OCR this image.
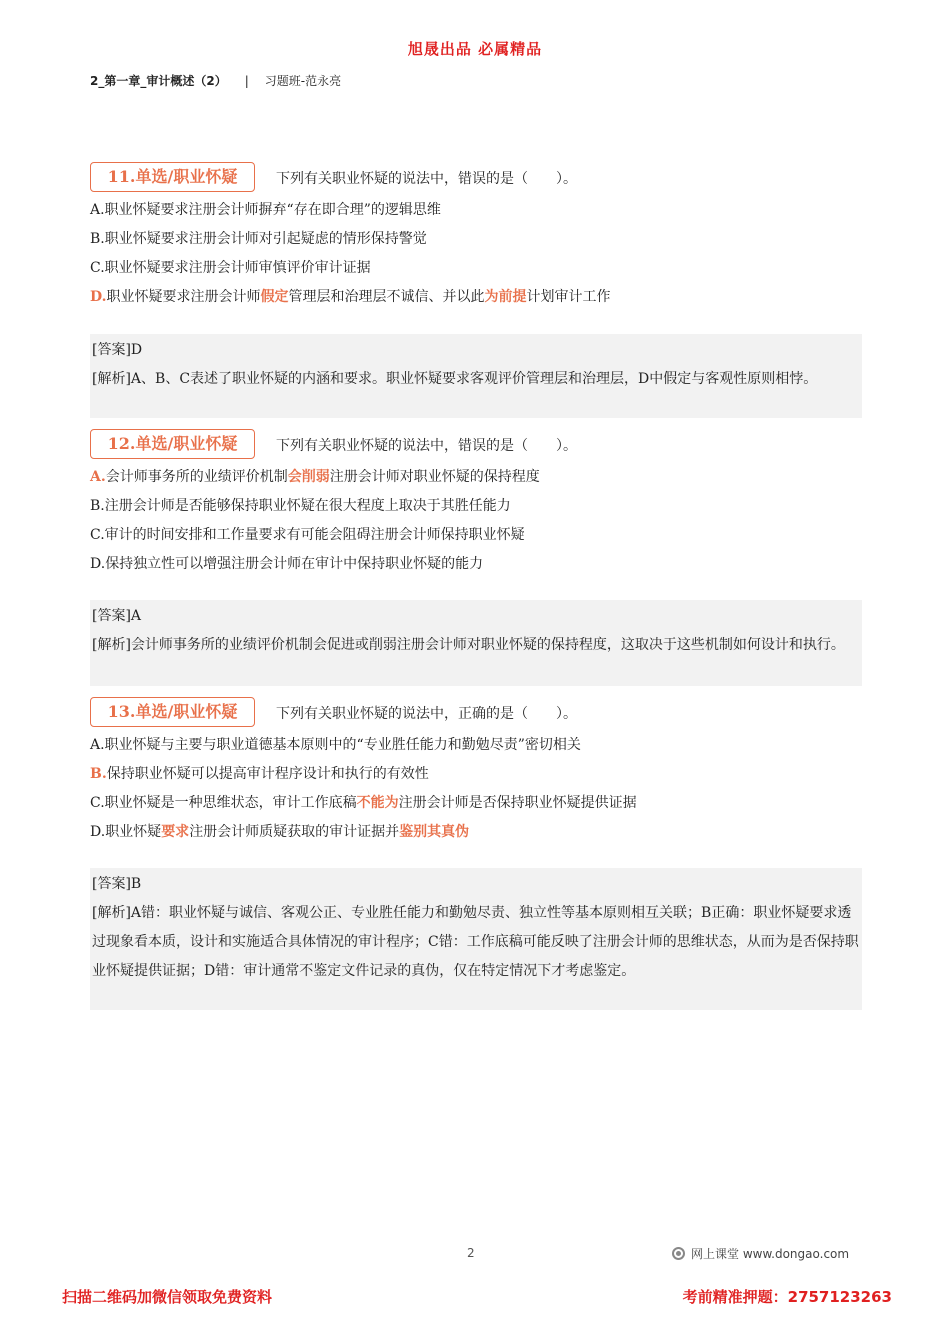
旭晟出品 必属精品
2_第一章_审计概述（2） | 习题班-范永亮
11.单选/职业怀疑	下列有关职业怀疑的说法中，错误的是（　　）。
A.职业怀疑要求注册会计师摒弃“存在即合理”的逻辑思维
B.职业怀疑要求注册会计师对引起疑虑的情形保持警觉
C.职业怀疑要求注册会计师审慎评价审计证据
D.职业怀疑要求注册会计师假定管理层和治理层不诚信、并以此为前提计划审计工作
[答案]D
[解析]A、B、C表述了职业怀疑的内涵和要求。职业怀疑要求客观评价管理层和治理层，D中假定与客观性原则相悖。
12.单选/职业怀疑	下列有关职业怀疑的说法中，错误的是（　　）。
A.会计师事务所的业绩评价机制会削弱注册会计师对职业怀疑的保持程度
B.注册会计师是否能够保持职业怀疑在很大程度上取决于其胜任能力
C.审计的时间安排和工作量要求有可能会阻碍注册会计师保持职业怀疑
D.保持独立性可以增强注册会计师在审计中保持职业怀疑的能力
[答案]A
[解析]会计师事务所的业绩评价机制会促进或削弱注册会计师对职业怀疑的保持程度，这取决于这些机制如何设计和执行。
13.单选/职业怀疑	下列有关职业怀疑的说法中，正确的是（　　）。
A.职业怀疑与主要与职业道德基本原则中的“专业胜任能力和勤勉尽责”密切相关
B.保持职业怀疑可以提高审计程序设计和执行的有效性
C.职业怀疑是一种思维状态，审计工作底稿不能为注册会计师是否保持职业怀疑提供证据
D.职业怀疑要求注册会计师质疑获取的审计证据并鉴别其真伪
[答案]B
[解析]A错：职业怀疑与诚信、客观公正、专业胜任能力和勤勉尽责、独立性等基本原则相互关联；B正确：职业怀疑要求透过现象看本质，设计和实施适合具体情况的审计程序；C错：工作底稿可能反映了注册会计师的思维状态，从而为是否保持职业怀疑提供证据；D错：审计通常不鉴定文件记录的真伪，仅在特定情况下才考虑鉴定。
2	网上课堂 www.dongao.com
扫描二维码加微信领取免费资料	考前精准押题：2757123263
